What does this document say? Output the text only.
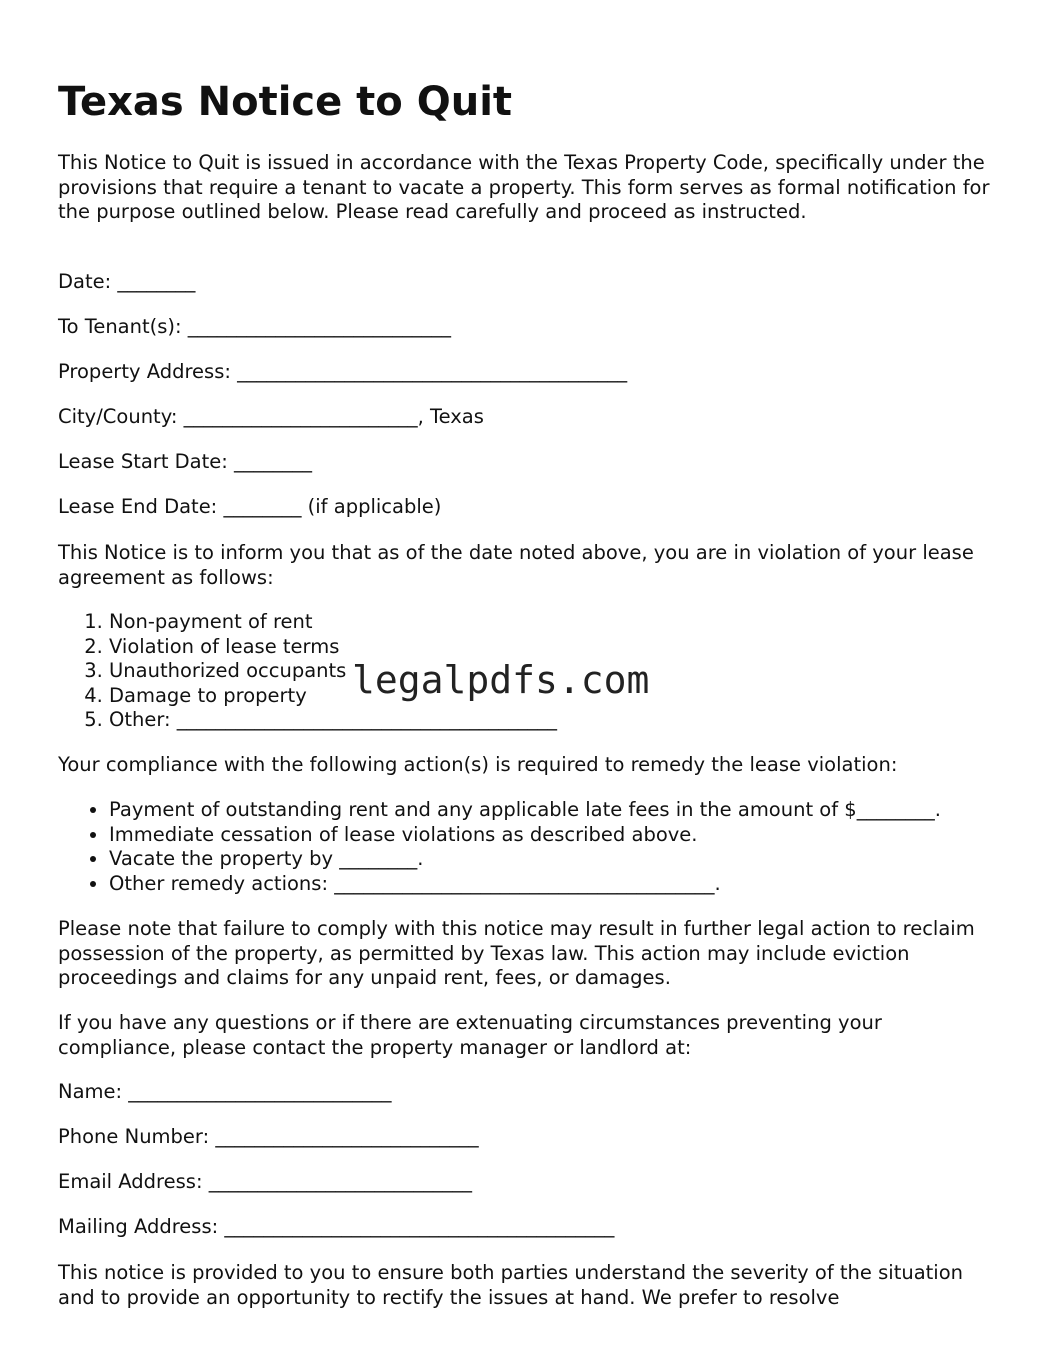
Texas Notice to Quit

This Notice to Quit is issued in accordance with the Texas Property Code, specifically under the provisions that require a tenant to vacate a property. This form serves as formal notification for the purpose outlined below. Please read carefully and proceed as instructed.

Date: ________

To Tenant(s): ___________________________

Property Address: ________________________________________

City/County: ________________________, Texas

Lease Start Date: ________

Lease End Date: ________ (if applicable)

This Notice is to inform you that as of the date noted above, you are in violation of your lease agreement as follows:

1. Non-payment of rent
2. Violation of lease terms
3. Unauthorized occupants
4. Damage to property
5. Other: _______________________________________

Your compliance with the following action(s) is required to remedy the lease violation:

• Payment of outstanding rent and any applicable late fees in the amount of $________.
• Immediate cessation of lease violations as described above.
• Vacate the property by ________.
• Other remedy actions: _______________________________________.

Please note that failure to comply with this notice may result in further legal action to reclaim possession of the property, as permitted by Texas law. This action may include eviction proceedings and claims for any unpaid rent, fees, or damages.

If you have any questions or if there are extenuating circumstances preventing your compliance, please contact the property manager or landlord at:

Name: ___________________________

Phone Number: ___________________________

Email Address: ___________________________

Mailing Address: ________________________________________

This notice is provided to you to ensure both parties understand the severity of the situation and to provide an opportunity to rectify the issues at hand. We prefer to resolve

legalpdfs.com
